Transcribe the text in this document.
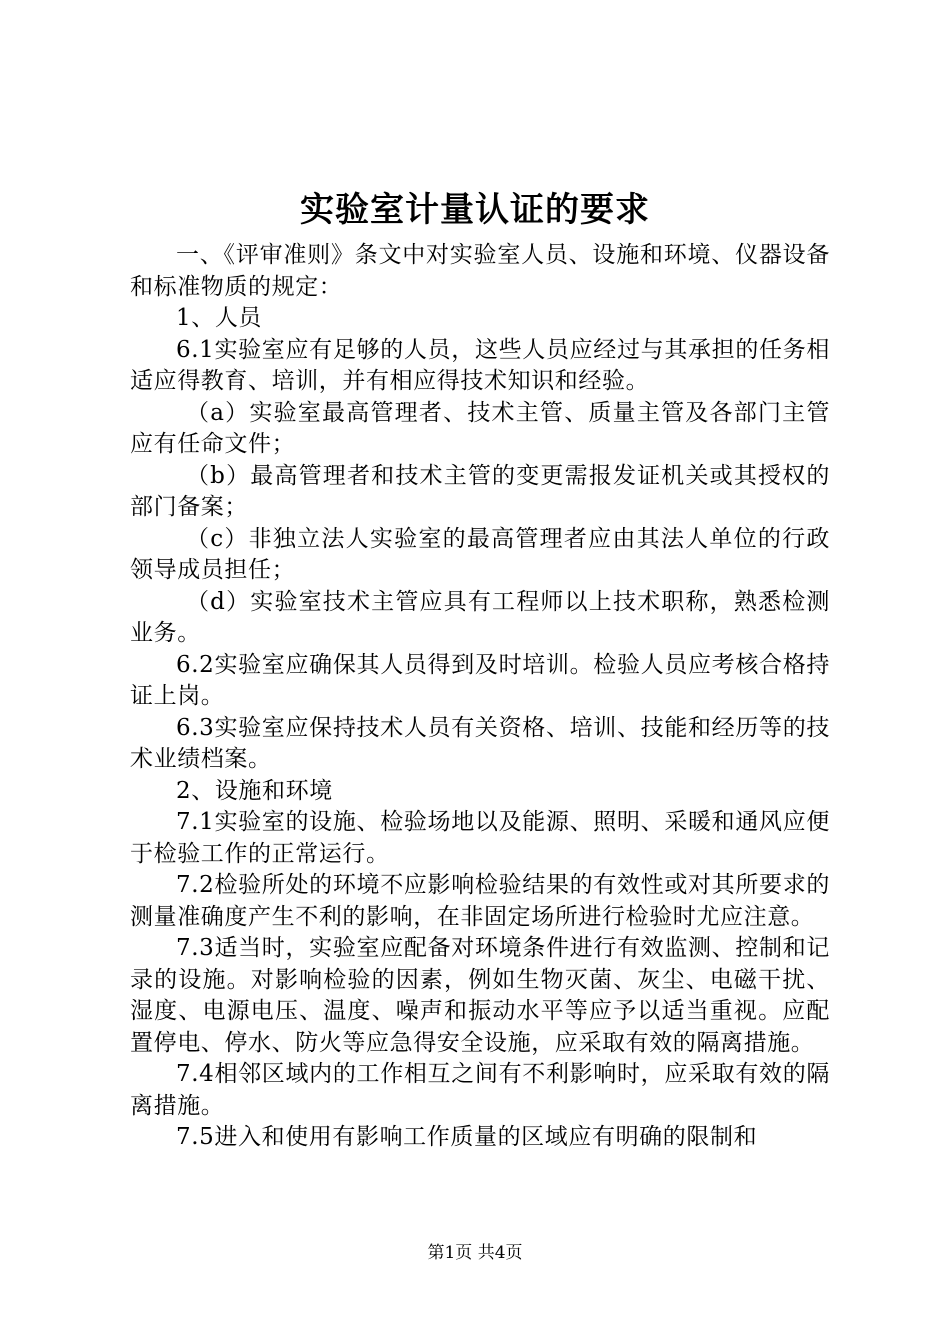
实验室计量认证的要求

一、《评审准则》条文中对实验室人员、设施和环境、仪器设备和标准物质的规定：

1、人员

6.1实验室应有足够的人员，这些人员应经过与其承担的任务相适应得教育、培训，并有相应得技术知识和经验。

（a）实验室最高管理者、技术主管、质量主管及各部门主管应有任命文件；

（b）最高管理者和技术主管的变更需报发证机关或其授权的部门备案；

（c）非独立法人实验室的最高管理者应由其法人单位的行政领导成员担任；

（d）实验室技术主管应具有工程师以上技术职称，熟悉检测业务。

6.2实验室应确保其人员得到及时培训。检验人员应考核合格持证上岗。

6.3实验室应保持技术人员有关资格、培训、技能和经历等的技术业绩档案。

2、设施和环境

7.1实验室的设施、检验场地以及能源、照明、采暖和通风应便于检验工作的正常运行。

7.2检验所处的环境不应影响检验结果的有效性或对其所要求的测量准确度产生不利的影响，在非固定场所进行检验时尤应注意。

7.3适当时，实验室应配备对环境条件进行有效监测、控制和记录的设施。对影响检验的因素，例如生物灭菌、灰尘、电磁干扰、湿度、电源电压、温度、噪声和振动水平等应予以适当重视。应配置停电、停水、防火等应急得安全设施，应采取有效的隔离措施。

7.4相邻区域内的工作相互之间有不利影响时，应采取有效的隔离措施。

7.5进入和使用有影响工作质量的区域应有明确的限制和

第1页 共4页
